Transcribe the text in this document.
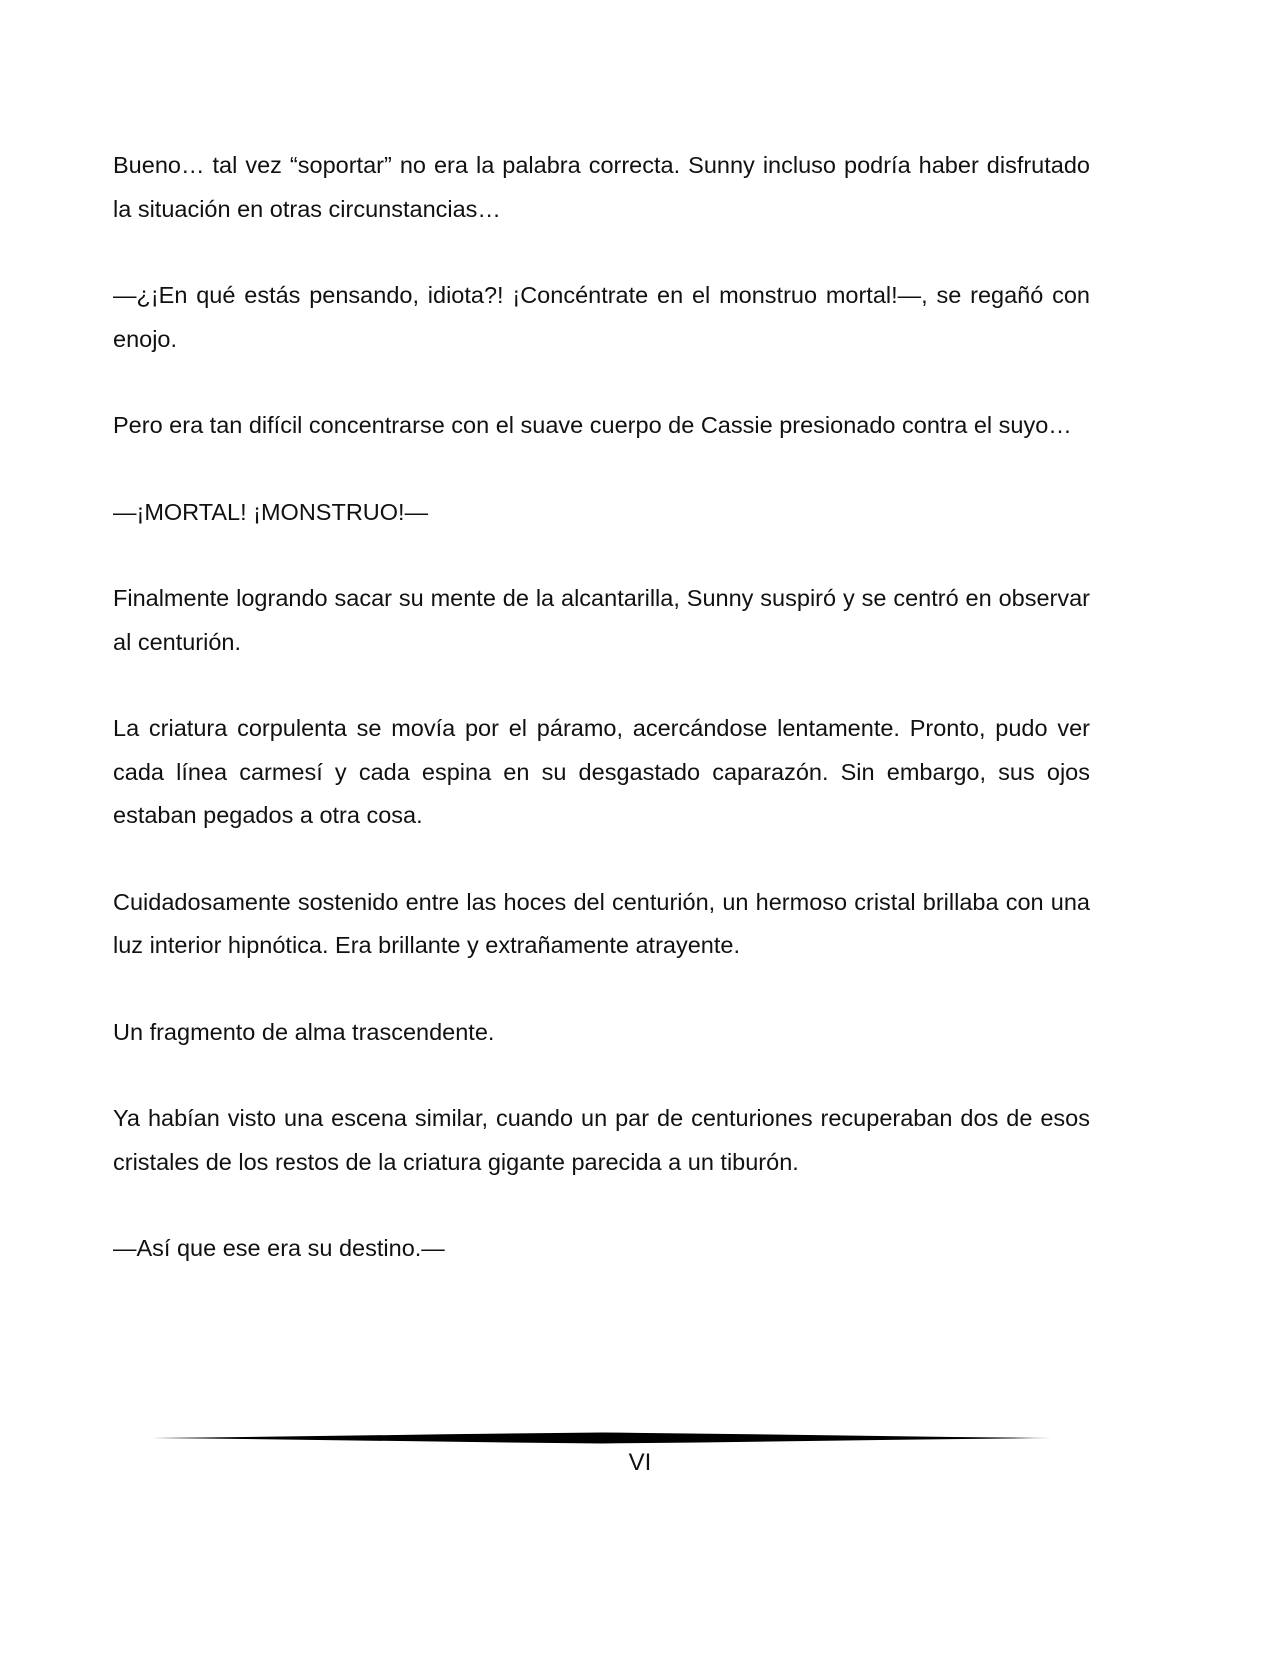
Bueno… tal vez “soportar” no era la palabra correcta. Sunny incluso podría haber disfrutado la situación en otras circunstancias…

—¿¡En qué estás pensando, idiota?! ¡Concéntrate en el monstruo mortal!—, se regañó con enojo.

Pero era tan difícil concentrarse con el suave cuerpo de Cassie presionado contra el suyo…

—¡MORTAL! ¡MONSTRUO!—

Finalmente logrando sacar su mente de la alcantarilla, Sunny suspiró y se centró en observar al centurión.

La criatura corpulenta se movía por el páramo, acercándose lentamente. Pronto, pudo ver cada línea carmesí y cada espina en su desgastado caparazón. Sin embargo, sus ojos estaban pegados a otra cosa.

Cuidadosamente sostenido entre las hoces del centurión, un hermoso cristal brillaba con una luz interior hipnótica. Era brillante y extrañamente atrayente.

Un fragmento de alma trascendente.

Ya habían visto una escena similar, cuando un par de centuriones recuperaban dos de esos cristales de los restos de la criatura gigante parecida a un tiburón.

—Así que ese era su destino.—

VI
